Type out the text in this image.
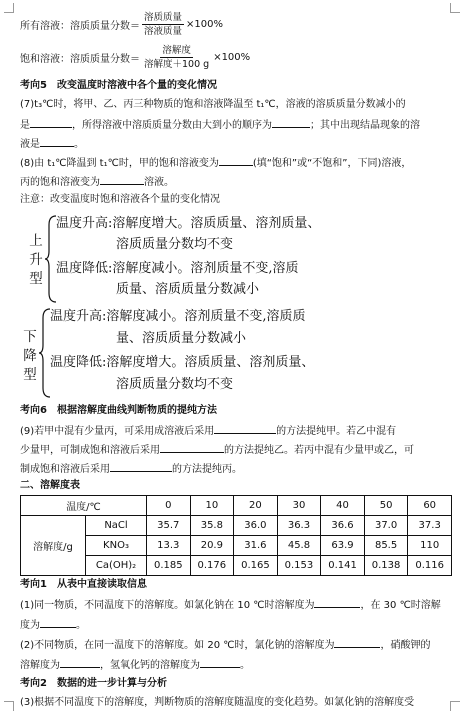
所有溶液：溶质质量分数＝ $\frac{\text{溶质质量}}{\text{溶液质量}} \times 100\%$
饱和溶液：溶质质量分数＝ $\frac{\text{溶解度}}{\text{溶解度＋100 g}} \times 100\%$
考向5　改变温度时溶液中各个量的变化情况
(7)t₃℃时，将甲、乙、丙三种物质的饱和溶液降温至 t₁℃，溶液的溶质质量分数减小的
是	，所得溶液中溶质质量分数由大到小的顺序为	；其中出现结晶现象的溶
液是	。
(8)由 t₁℃降温到 t₁℃时，甲的饱和溶液变为	(填“饱和”或“不饱和”，下同)溶液，
丙的饱和溶液变为	溶液。
注意：改变温度时饱和溶液各个量的变化情况
上
升
型
温度升高:溶解度增大。溶质质量、溶剂质量、
溶质质量分数均不变
温度降低:溶解度减小。溶剂质量不变,溶质
质量、溶质质量分数减小
下
降
型
温度升高:溶解度减小。溶剂质量不变,溶质质
量、溶质质量分数减小
温度降低:溶解度增大。溶质质量、溶剂质量、
溶质质量分数均不变
考向6　根据溶解度曲线判断物质的提纯方法
(9)若甲中混有少量丙，可采用成溶液后采用	的方法提纯甲。若乙中混有
少量甲，可制成饱和溶液后采用	的方法提纯乙。若丙中混有少量甲或乙，可
制成饱和溶液后采用	的方法提纯丙。
二、溶解度表
温度/℃		0	10	20	30	40	50	60
溶解度/g	NaCl	35.7	35.8	36.0	36.3	36.6	37.0	37.3
	KNO₃	13.3	20.9	31.6	45.8	63.9	85.5	110
	Ca(OH)₂	0.185	0.176	0.165	0.153	0.141	0.138	0.116
考向1　从表中直接读取信息
(1)同一物质，不同温度下的溶解度。如氯化钠在 10 ℃时溶解度为	，在 30 ℃时溶解
度为	。
(2)不同物质，在同一温度下的溶解度。如 20 ℃时，氯化钠的溶解度为	，硝酸钾的
溶解度为	，氢氧化钙的溶解度为	。
考向2　数据的进一步计算与分析
(3)根据不同温度下的溶解度，判断物质的溶解度随温度的变化趋势。如氯化钠的溶解度受
